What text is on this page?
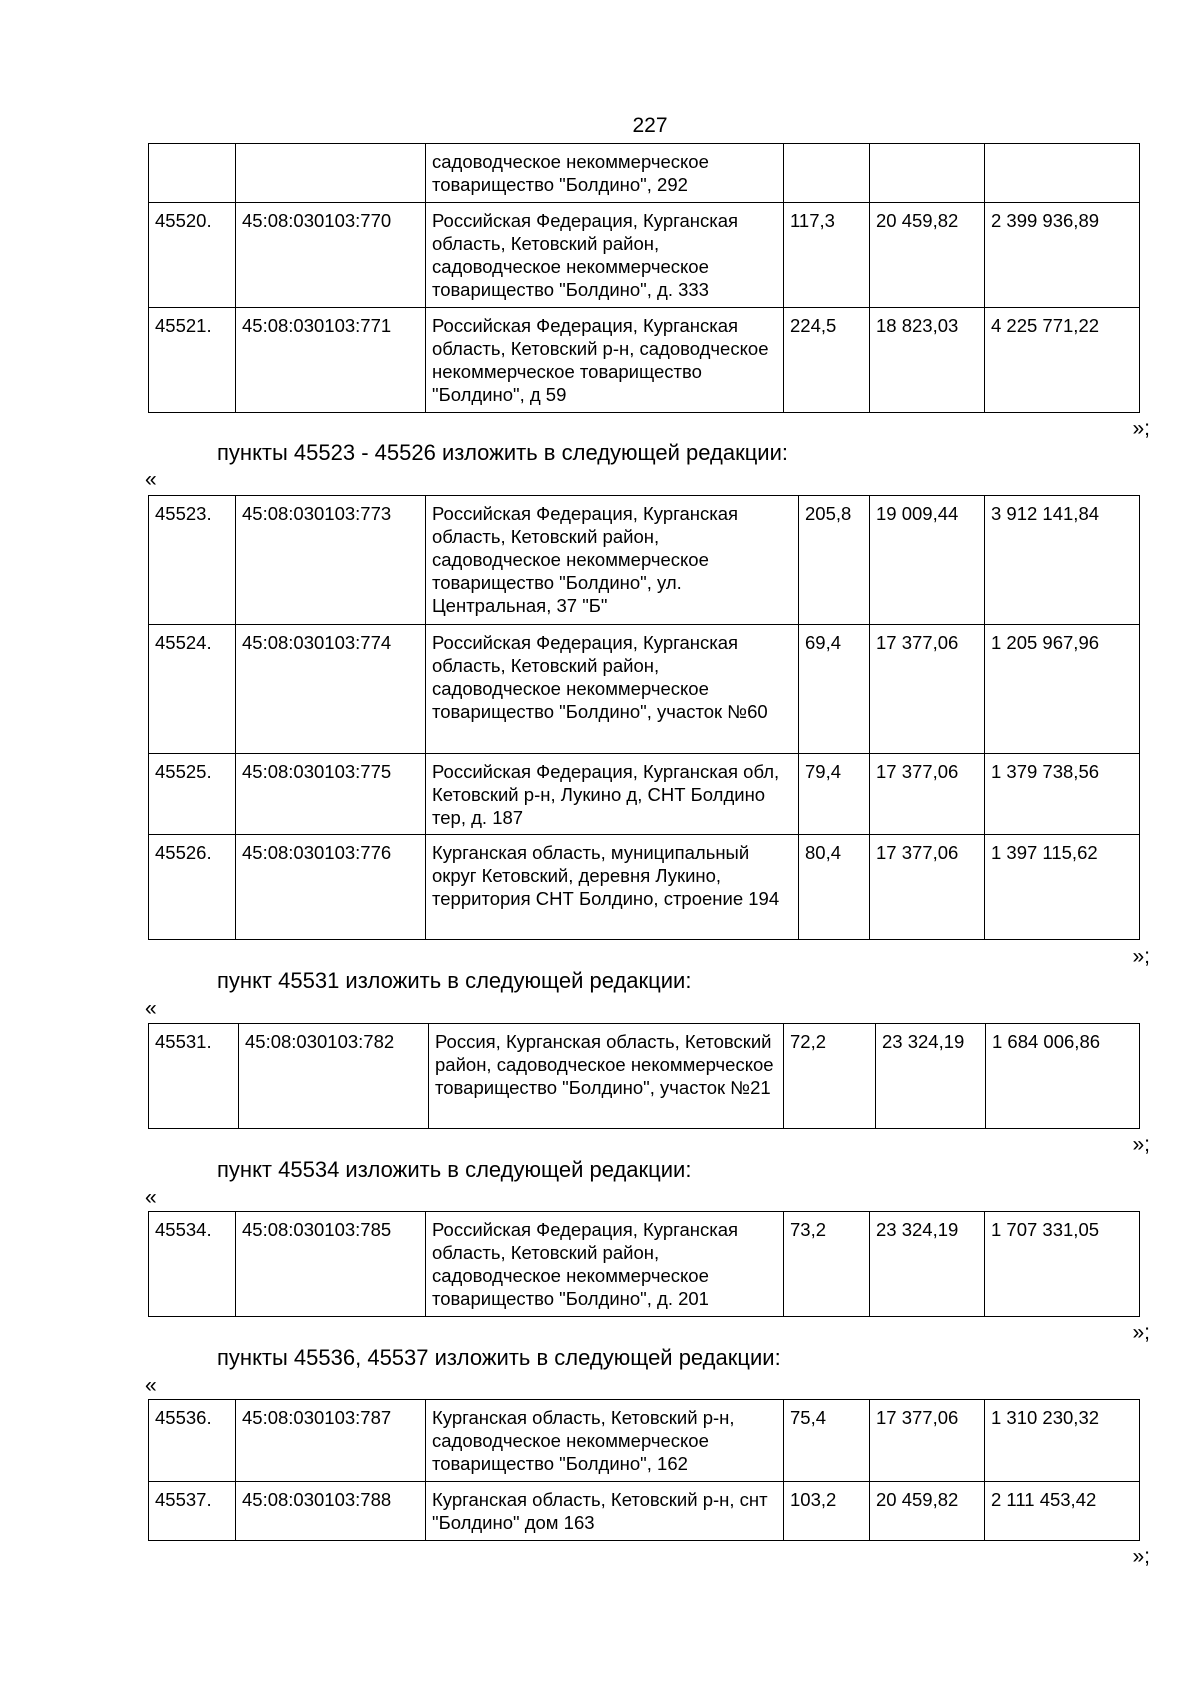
227
		садоводческое некоммерческое товарищество "Болдино", 292			
45520.	45:08:030103:770	Российская Федерация, Курганская область, Кетовский район, садоводческое некоммерческое товарищество "Болдино", д. 333	117,3	20 459,82	2 399 936,89
45521.	45:08:030103:771	Российская Федерация, Курганская область, Кетовский р-н, садоводческое некоммерческое товарищество "Болдино", д 59	224,5	18 823,03	4 225 771,22
»;
пункты 45523 - 45526 изложить в следующей редакции:
«
45523.	45:08:030103:773	Российская Федерация, Курганская область, Кетовский район, садоводческое некоммерческое товарищество "Болдино", ул. Центральная, 37 "Б"	205,8	19 009,44	3 912 141,84
45524.	45:08:030103:774	Российская Федерация, Курганская область, Кетовский район, садоводческое некоммерческое товарищество "Болдино", участок №60	69,4	17 377,06	1 205 967,96
45525.	45:08:030103:775	Российская Федерация, Курганская обл, Кетовский р-н, Лукино д, СНТ Болдино тер, д. 187	79,4	17 377,06	1 379 738,56
45526.	45:08:030103:776	Курганская область, муниципальный округ Кетовский, деревня Лукино, территория СНТ Болдино, строение 194	80,4	17 377,06	1 397 115,62
»;
пункт 45531 изложить в следующей редакции:
«
45531.	45:08:030103:782	Россия, Курганская область, Кетовский район, садоводческое некоммерческое товарищество "Болдино", участок №21	72,2	23 324,19	1 684 006,86
»;
пункт 45534 изложить в следующей редакции:
«
45534.	45:08:030103:785	Российская Федерация, Курганская область, Кетовский район, садоводческое некоммерческое товарищество "Болдино", д. 201	73,2	23 324,19	1 707 331,05
»;
пункты 45536, 45537 изложить в следующей редакции:
«
45536.	45:08:030103:787	Курганская область, Кетовский р-н, садоводческое некоммерческое товарищество "Болдино", 162	75,4	17 377,06	1 310 230,32
45537.	45:08:030103:788	Курганская область, Кетовский р-н, снт "Болдино" дом 163	103,2	20 459,82	2 111 453,42
»;
